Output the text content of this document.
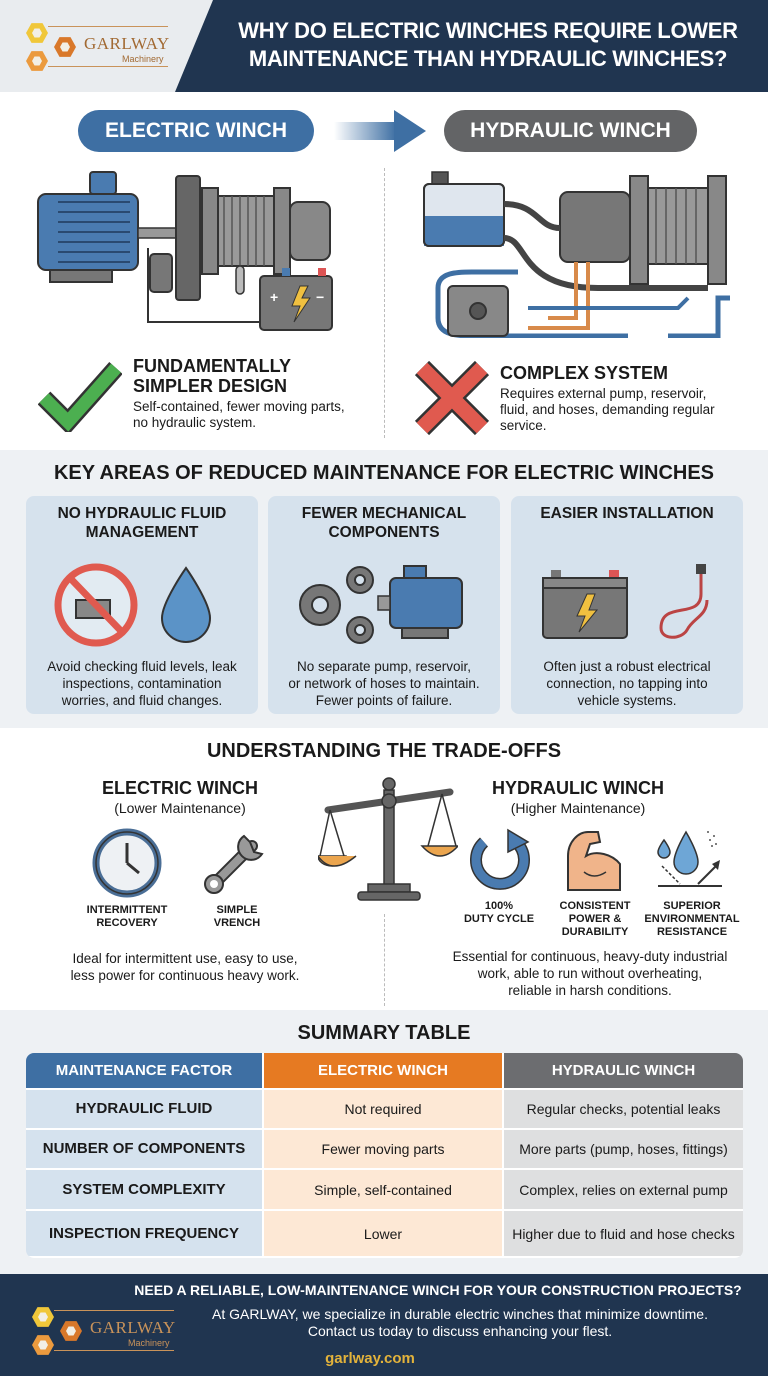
GARLWAY
Machinery
WHY DO ELECTRIC WINCHES REQUIRE LOWER
MAINTENANCE THAN HYDRAULIC WINCHES?
ELECTRIC WINCH	HYDRAULIC WINCH
+	−
FUNDAMENTALLY
SIMPLER DESIGN
Self-contained, fewer moving parts,
no hydraulic system.
COMPLEX SYSTEM
Requires external pump, reservoir,
fluid, and hoses, demanding regular
service.
KEY AREAS OF REDUCED MAINTENANCE FOR ELECTRIC WINCHES
NO HYDRAULIC FLUID
MANAGEMENT
Avoid checking fluid levels, leak
inspections, contamination
worries, and fluid changes.
FEWER MECHANICAL
COMPONENTS
No separate pump, reservoir,
or network of hoses to maintain.
Fewer points of failure.
EASIER INSTALLATION
Often just a robust electrical
connection, no tapping into
vehicle systems.
UNDERSTANDING THE TRADE-OFFS
ELECTRIC WINCH
(Lower Maintenance)
INTERMITTENT
RECOVERY
SIMPLE
VRENCH
Ideal for intermittent use, easy to use,
less power for continuous heavy work.
HYDRAULIC WINCH
(Higher Maintenance)
100%
DUTY CYCLE
CONSISTENT
POWER &
DURABILITY
SUPERIOR
ENVIRONMENTAL
RESISTANCE
Essential for continuous, heavy-duty industrial
work, able to run without overheating,
reliable in harsh conditions.
SUMMARY TABLE
MAINTENANCE FACTOR	ELECTRIC WINCH	HYDRAULIC WINCH
HYDRAULIC FLUID	Not required	Regular checks, potential leaks
NUMBER OF COMPONENTS	Fewer moving parts	More parts (pump, hoses, fittings)
SYSTEM COMPLEXITY	Simple, self-contained	Complex, relies on external pump
INSPECTION FREQUENCY	Lower	Higher due to fluid and hose checks
GARLWAY
Machinery
NEED A RELIABLE, LOW-MAINTENANCE WINCH FOR YOUR CONSTRUCTION PROJECTS?
At GARLWAY, we specialize in durable electric winches that minimize downtime.
Contact us today to discuss enhancing your flest.
garlway.com
